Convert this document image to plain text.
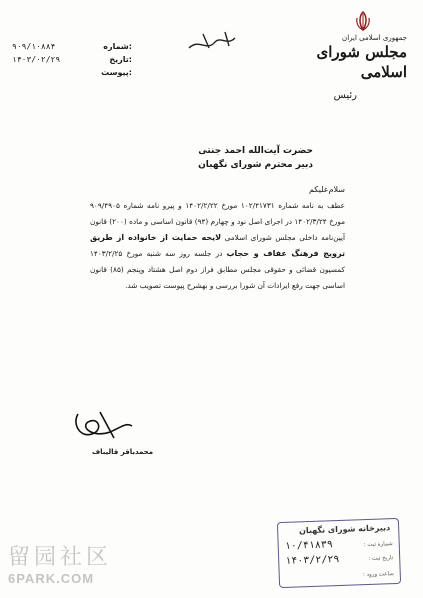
۹۰۹/۱۰۸۸۴	شماره:
۱۴۰۳/۰۲/۲۹	تاریخ:
پیوست:
باسمه تعالی
جمهوری اسلامی ایران
مجلس شورای اسلامی
رئیس
حضرت آیت‌الله احمد جنتی
دبیر محترم شورای نگهبان
سلام‌علیکم
عطف به نامه شماره ۱۰۲/۴۱۷۳۱ مورخ ۱۴۰۲/۲/۲۲ و پیرو نامه شماره ۹۰۹/۴۹۰۵ مورخ ۱۴۰۲/۳/۲۴ در اجرای اصل نود و چهارم (۹۴) قانون اساسی و ماده (۲۰۰) قانون آیین‌نامه داخلی مجلس شورای اسلامی لایحه حمایت از خانواده از طریق ترویج فرهنگ عفاف و حجاب در جلسه روز سه شنبه مورخ ۱۴۰۳/۲/۲۵ کمسیون قضائی و حقوقی مجلس مطابق فراز دوم اصل هشتاد وپنجم (۸۵) قانون اساسی جهت رفع ایرادات آن شورا بررسی و بهشرح پیوست تصویب شد.
محمدباقر قالیباف
دبیرخانه شورای نگهبان
شماره ثبت :
۱۰/۴۱۸۳۹
تاریخ ثبت :
۱۴۰۳/۲/۲۹
ساعت ورود :
留园社区
6PARK.COM
